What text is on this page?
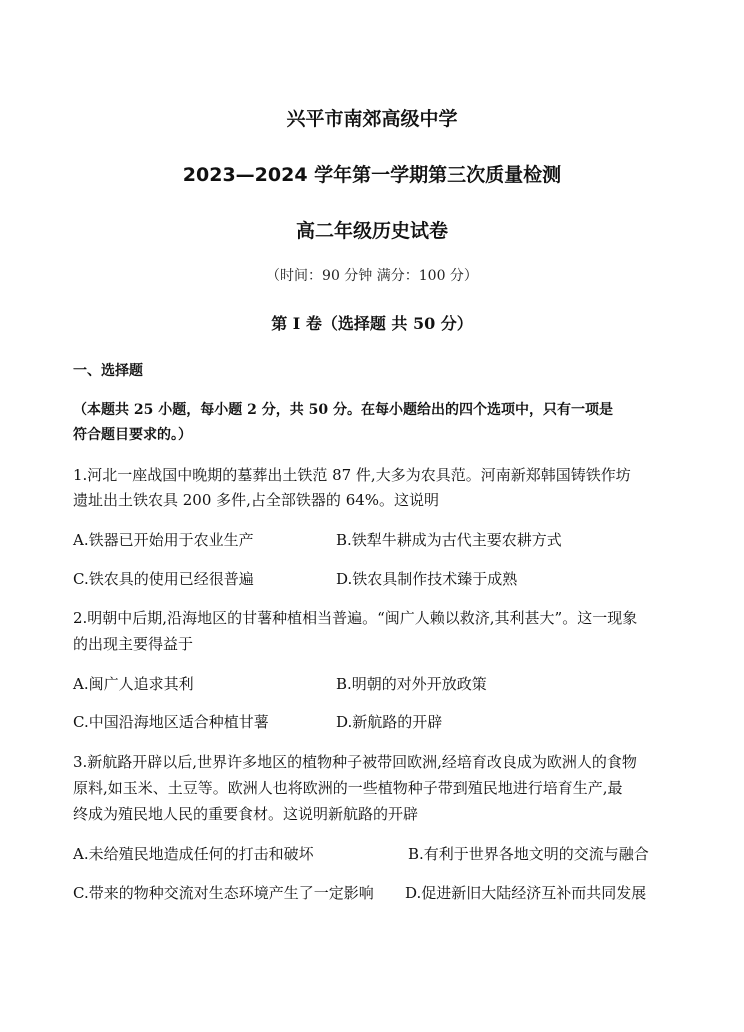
兴平市南郊高级中学
2023—2024 学年第一学期第三次质量检测
高二年级历史试卷
（时间：90 分钟 满分：100 分）
第 I 卷（选择题 共 50 分）
一、选择题
（本题共 25 小题，每小题 2 分，共 50 分。在每小题给出的四个选项中，只有一项是
符合题目要求的。）
1.河北一座战国中晚期的墓葬出土铁范 87 件,大多为农具范。河南新郑韩国铸铁作坊
遗址出土铁农具 200 多件,占全部铁器的 64%。这说明
A.铁器已开始用于农业生产	B.铁犁牛耕成为古代主要农耕方式
C.铁农具的使用已经很普遍	D.铁农具制作技术臻于成熟
2.明朝中后期,沿海地区的甘薯种植相当普遍。“闽广人赖以救济,其利甚大”。这一现象
的出现主要得益于
A.闽广人追求其利	B.明朝的对外开放政策
C.中国沿海地区适合种植甘薯	D.新航路的开辟
3.新航路开辟以后,世界许多地区的植物种子被带回欧洲,经培育改良成为欧洲人的食物
原料,如玉米、土豆等。欧洲人也将欧洲的一些植物种子带到殖民地进行培育生产,最
终成为殖民地人民的重要食材。这说明新航路的开辟
A.未给殖民地造成任何的打击和破坏	B.有利于世界各地文明的交流与融合
C.带来的物种交流对生态环境产生了一定影响 D.促进新旧大陆经济互补而共同发展
